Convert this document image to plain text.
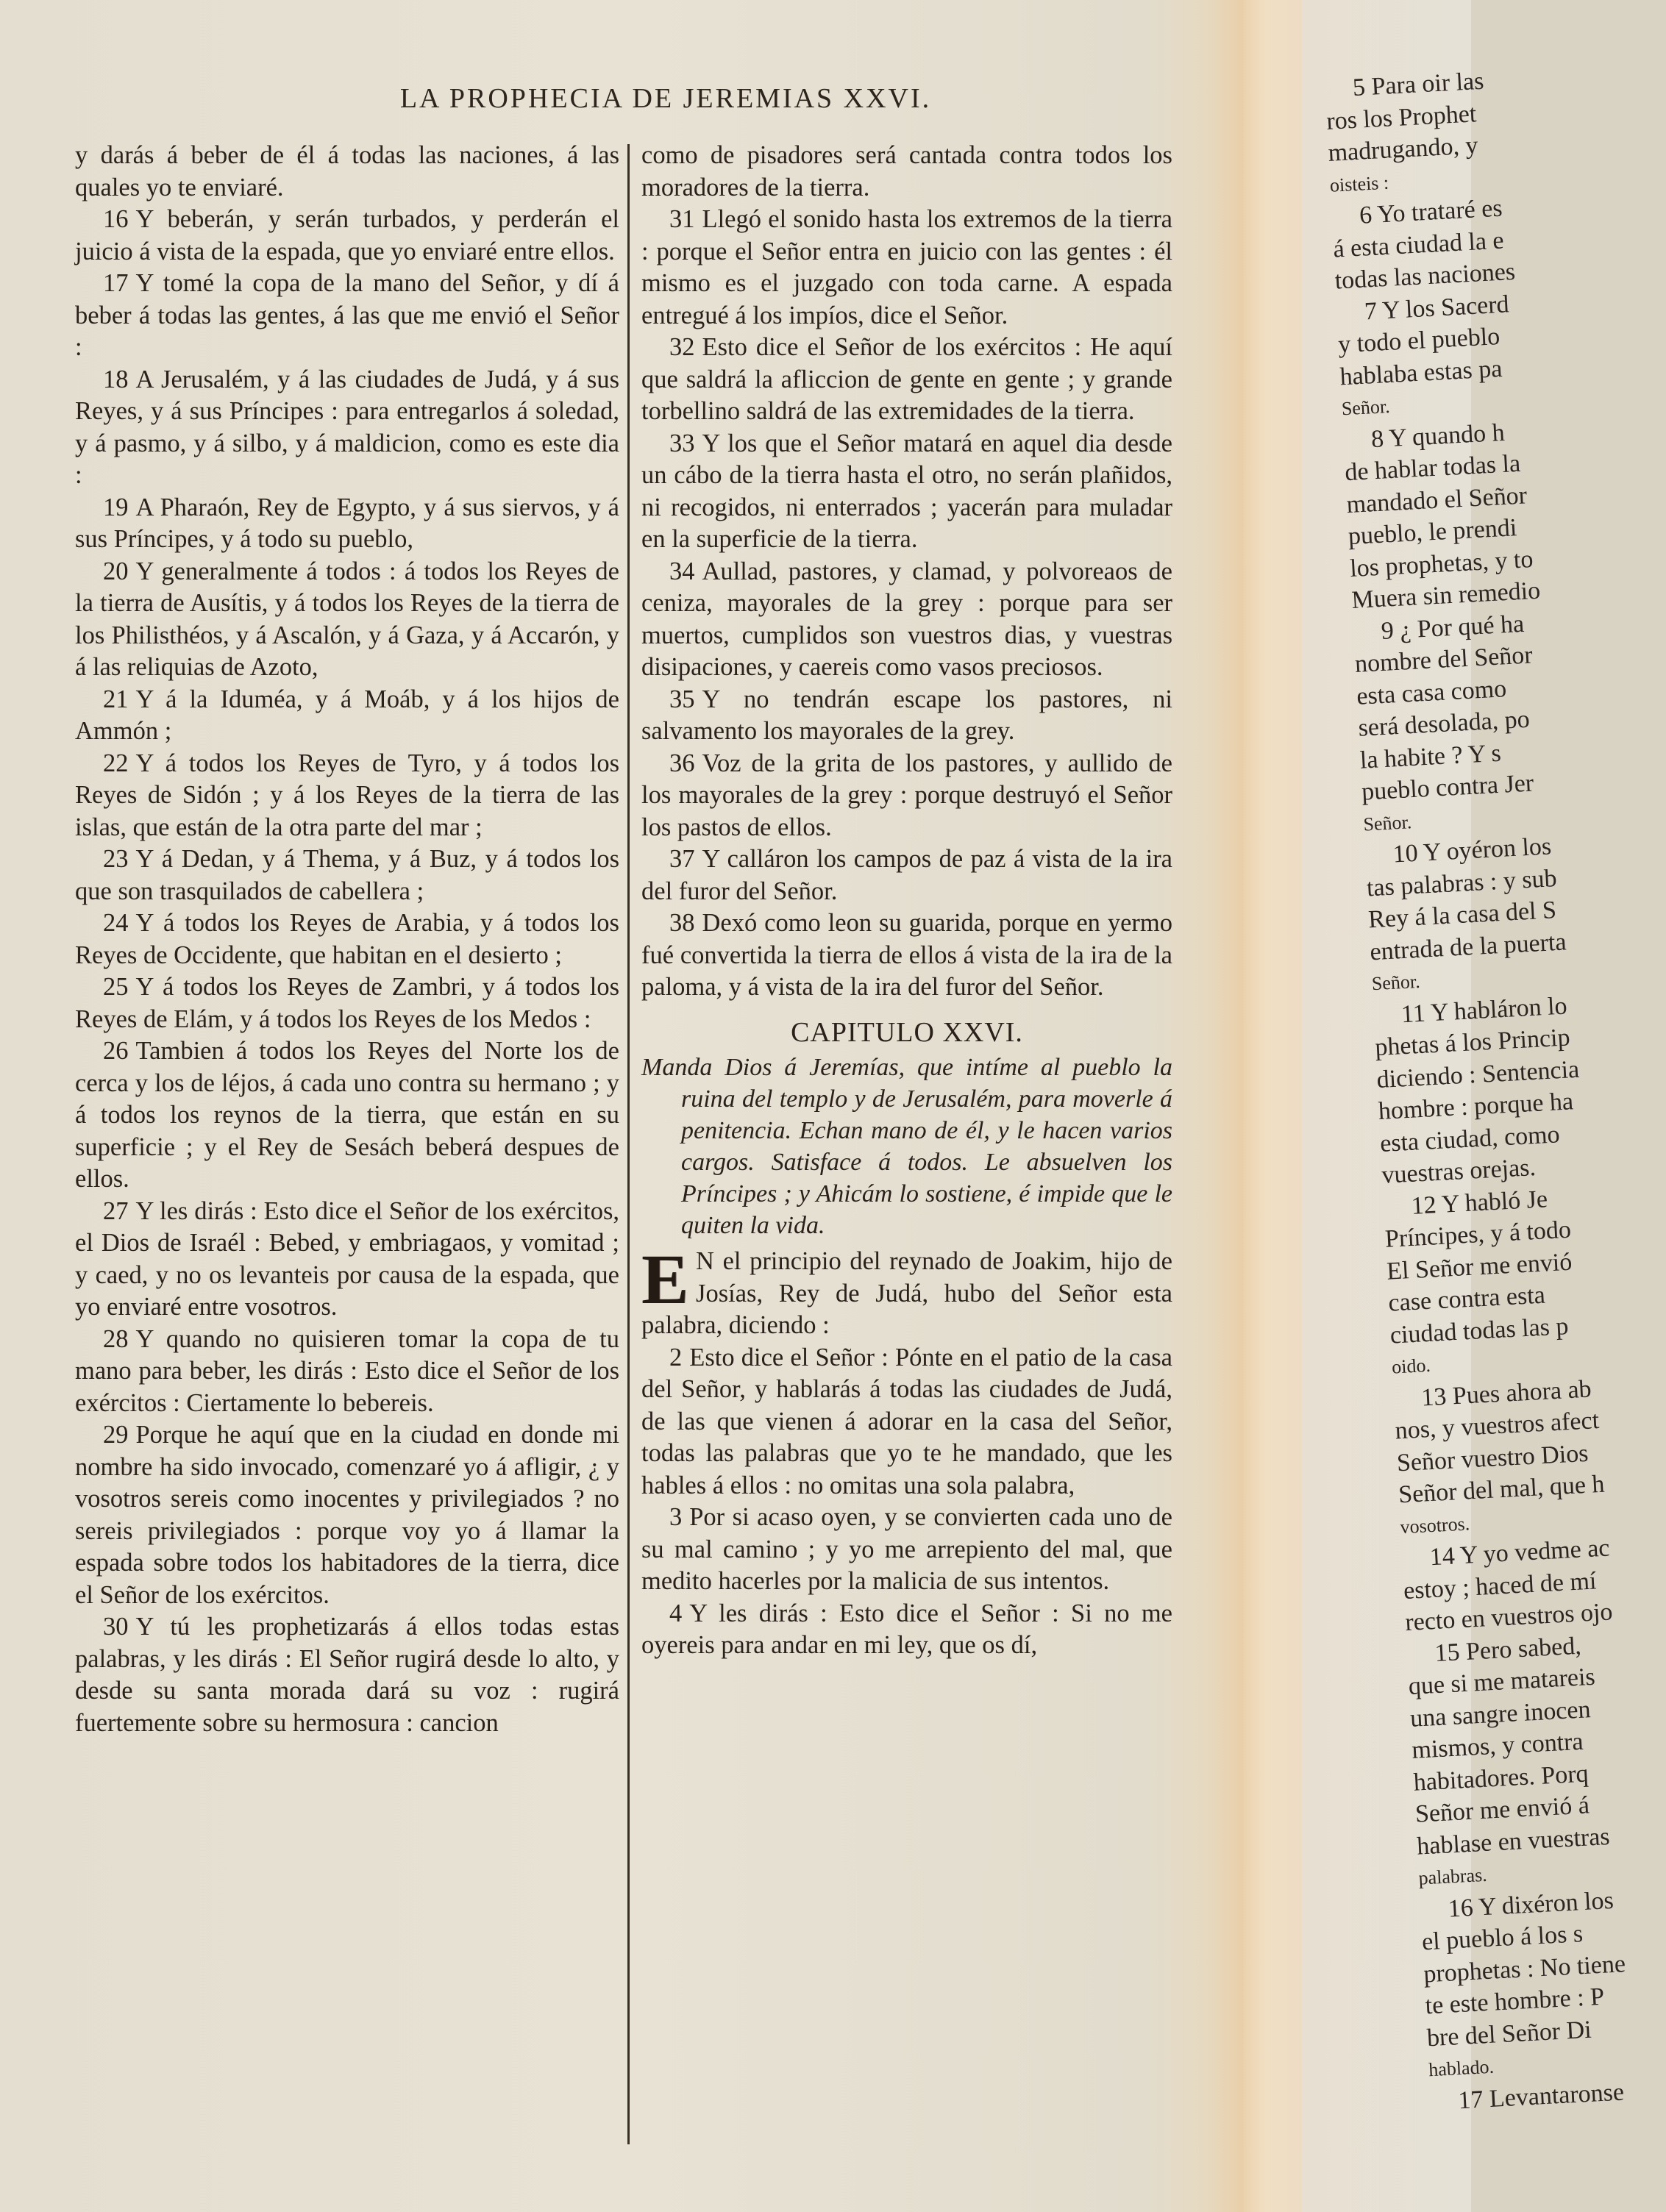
LA PROPHECIA DE JEREMIAS XXVI.

y darás á beber de él á todas las naciones, á las quales yo te enviaré.

16 Y beberán, y serán turbados, y perderán el juicio á vista de la espada, que yo enviaré entre ellos.

17 Y tomé la copa de la mano del Señor, y dí á beber á todas las gentes, á las que me envió el Señor :

18 A Jerusalém, y á las ciudades de Judá, y á sus Reyes, y á sus Príncipes : para entregarlos á soledad, y á pasmo, y á silbo, y á maldicion, como es este dia :

19 A Pharaón, Rey de Egypto, y á sus siervos, y á sus Príncipes, y á todo su pueblo,

20 Y generalmente á todos : á todos los Reyes de la tierra de Ausítis, y á todos los Reyes de la tierra de los Philisthéos, y á Ascalón, y á Gaza, y á Accarón, y á las reliquias de Azoto,

21 Y á la Iduméa, y á Moáb, y á los hijos de Ammón ;

22 Y á todos los Reyes de Tyro, y á todos los Reyes de Sidón ; y á los Reyes de la tierra de las islas, que están de la otra parte del mar ;

23 Y á Dedan, y á Thema, y á Buz, y á todos los que son trasquilados de cabellera ;

24 Y á todos los Reyes de Arabia, y á todos los Reyes de Occidente, que habitan en el desierto ;

25 Y á todos los Reyes de Zambri, y á todos los Reyes de Elám, y á todos los Reyes de los Medos :

26 Tambien á todos los Reyes del Norte los de cerca y los de léjos, á cada uno contra su hermano ; y á todos los reynos de la tierra, que están en su superficie ; y el Rey de Sesách beberá despues de ellos.

27 Y les dirás : Esto dice el Señor de los exércitos, el Dios de Israél : Bebed, y embriagaos, y vomitad ; y caed, y no os levanteis por causa de la espada, que yo enviaré entre vosotros.

28 Y quando no quisieren tomar la copa de tu mano para beber, les dirás : Esto dice el Señor de los exércitos : Ciertamente lo bebereis.

29 Porque he aquí que en la ciudad en donde mi nombre ha sido invocado, comenzaré yo á afligir, ¿ y vosotros sereis como inocentes y privilegiados ? no sereis privilegiados : porque voy yo á llamar la espada sobre todos los habitadores de la tierra, dice el Señor de los exércitos.

30 Y tú les prophetizarás á ellos todas estas palabras, y les dirás : El Señor rugirá desde lo alto, y desde su santa morada dará su voz : rugirá fuertemente sobre su hermosura : cancion

como de pisadores será cantada contra todos los moradores de la tierra.

31 Llegó el sonido hasta los extremos de la tierra : porque el Señor entra en juicio con las gentes : él mismo es el juzgado con toda carne. A espada entregué á los impíos, dice el Señor.

32 Esto dice el Señor de los exércitos : He aquí que saldrá la afliccion de gente en gente ; y grande torbellino saldrá de las extremidades de la tierra.

33 Y los que el Señor matará en aquel dia desde un cábo de la tierra hasta el otro, no serán plañidos, ni recogidos, ni enterrados ; yacerán para muladar en la superficie de la tierra.

34 Aullad, pastores, y clamad, y polvoreaos de ceniza, mayorales de la grey : porque para ser muertos, cumplidos son vuestros dias, y vuestras disipaciones, y caereis como vasos preciosos.

35 Y no tendrán escape los pastores, ni salvamento los mayorales de la grey.

36 Voz de la grita de los pastores, y aullido de los mayorales de la grey : porque destruyó el Señor los pastos de ellos.

37 Y calláron los campos de paz á vista de la ira del furor del Señor.

38 Dexó como leon su guarida, porque en yermo fué convertida la tierra de ellos á vista de la ira de la paloma, y á vista de la ira del furor del Señor.

CAPITULO XXVI.

Manda Dios á Jeremías, que intíme al pueblo la ruina del templo y de Jerusalém, para moverle á penitencia. Echan mano de él, y le hacen varios cargos. Satisface á todos. Le absuelven los Príncipes ; y Ahicám lo sostiene, é impide que le quiten la vida.

E N el principio del reynado de Joakim, hijo de Josías, Rey de Judá, hubo del Señor esta palabra, diciendo :

2 Esto dice el Señor : Pónte en el patio de la casa del Señor, y hablarás á todas las ciudades de Judá, de las que vienen á adorar en la casa del Señor, todas las palabras que yo te he mandado, que les hables á ellos : no omitas una sola palabra,

3 Por si acaso oyen, y se convierten cada uno de su mal camino ; y yo me arrepiento del mal, que medito hacerles por la malicia de sus intentos.

4 Y les dirás : Esto dice el Señor : Si no me oyereis para andar en mi ley, que os dí,

5 Para oir las
ros los Prophet
madrugando, y
oisteis :
6 Yo trataré es
á esta ciudad la e
todas las naciones
7 Y los Sacerd
y todo el pueblo
hablaba estas pa
Señor.
8 Y quando h
de hablar todas la
mandado el Señor
pueblo, le prendi
los prophetas, y to
Muera sin remedio
9 ¿ Por qué ha
nombre del Señor
esta casa como
será desolada, po
la habite ? Y s
pueblo contra Jer
Señor.
10 Y oyéron los
tas palabras : y sub
Rey á la casa del S
entrada de la puerta
Señor.
11 Y habláron lo
phetas á los Princip
diciendo : Sentencia
hombre : porque ha
esta ciudad, como
vuestras orejas.
12 Y habló Je
Príncipes, y á todo
El Señor me envió
case contra esta
ciudad todas las p
oido.
13 Pues ahora ab
nos, y vuestros afect
Señor vuestro Dios
Señor del mal, que h
vosotros.
14 Y yo vedme ac
estoy ; haced de mí
recto en vuestros ojo
15 Pero sabed,
que si me matareis
una sangre inocen
mismos, y contra
habitadores. Porq
Señor me envió á
hablase en vuestras
palabras.
16 Y dixéron los
el pueblo á los s
prophetas : No tiene
te este hombre : P
bre del Señor Di
hablado.
17 Levantaronse
